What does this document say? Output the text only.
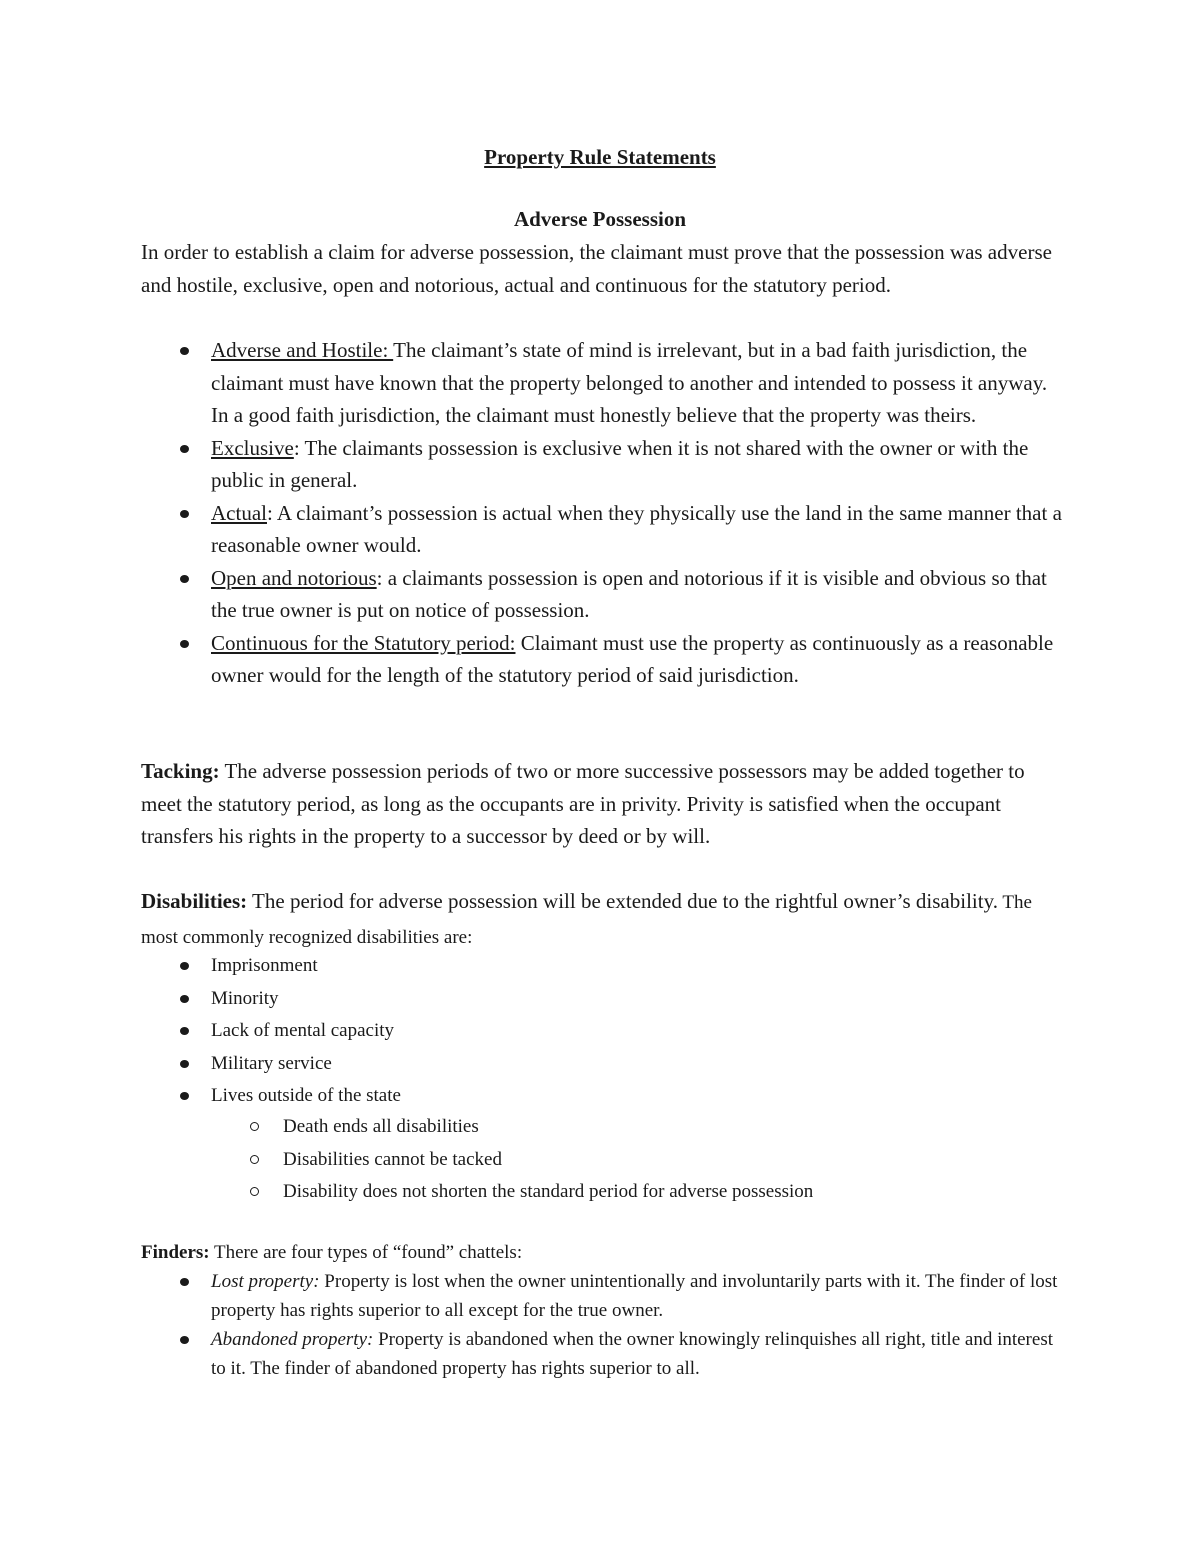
Property Rule Statements
Adverse Possession
In order to establish a claim for adverse possession, the claimant must prove that the possession was adverse and hostile, exclusive, open and notorious, actual and continuous for the statutory period.
Adverse and Hostile: The claimant’s state of mind is irrelevant, but in a bad faith jurisdiction, the claimant must have known that the property belonged to another and intended to possess it anyway. In a good faith jurisdiction, the claimant must honestly believe that the property was theirs.
Exclusive: The claimants possession is exclusive when it is not shared with the owner or with the public in general.
Actual: A claimant’s possession is actual when they physically use the land in the same manner that a reasonable owner would.
Open and notorious: a claimants possession is open and notorious if it is visible and obvious so that the true owner is put on notice of possession.
Continuous for the Statutory period: Claimant must use the property as continuously as a reasonable owner would for the length of the statutory period of said jurisdiction.
Tacking: The adverse possession periods of two or more successive possessors may be added together to meet the statutory period, as long as the occupants are in privity. Privity is satisfied when the occupant transfers his rights in the property to a successor by deed or by will.
Disabilities: The period for adverse possession will be extended due to the rightful owner’s disability. The most commonly recognized disabilities are:
Imprisonment
Minority
Lack of mental capacity
Military service
Lives outside of the state
Death ends all disabilities
Disabilities cannot be tacked
Disability does not shorten the standard period for adverse possession
Finders: There are four types of “found” chattels:
Lost property: Property is lost when the owner unintentionally and involuntarily parts with it. The finder of lost property has rights superior to all except for the true owner.
Abandoned property: Property is abandoned when the owner knowingly relinquishes all right, title and interest to it. The finder of abandoned property has rights superior to all.
